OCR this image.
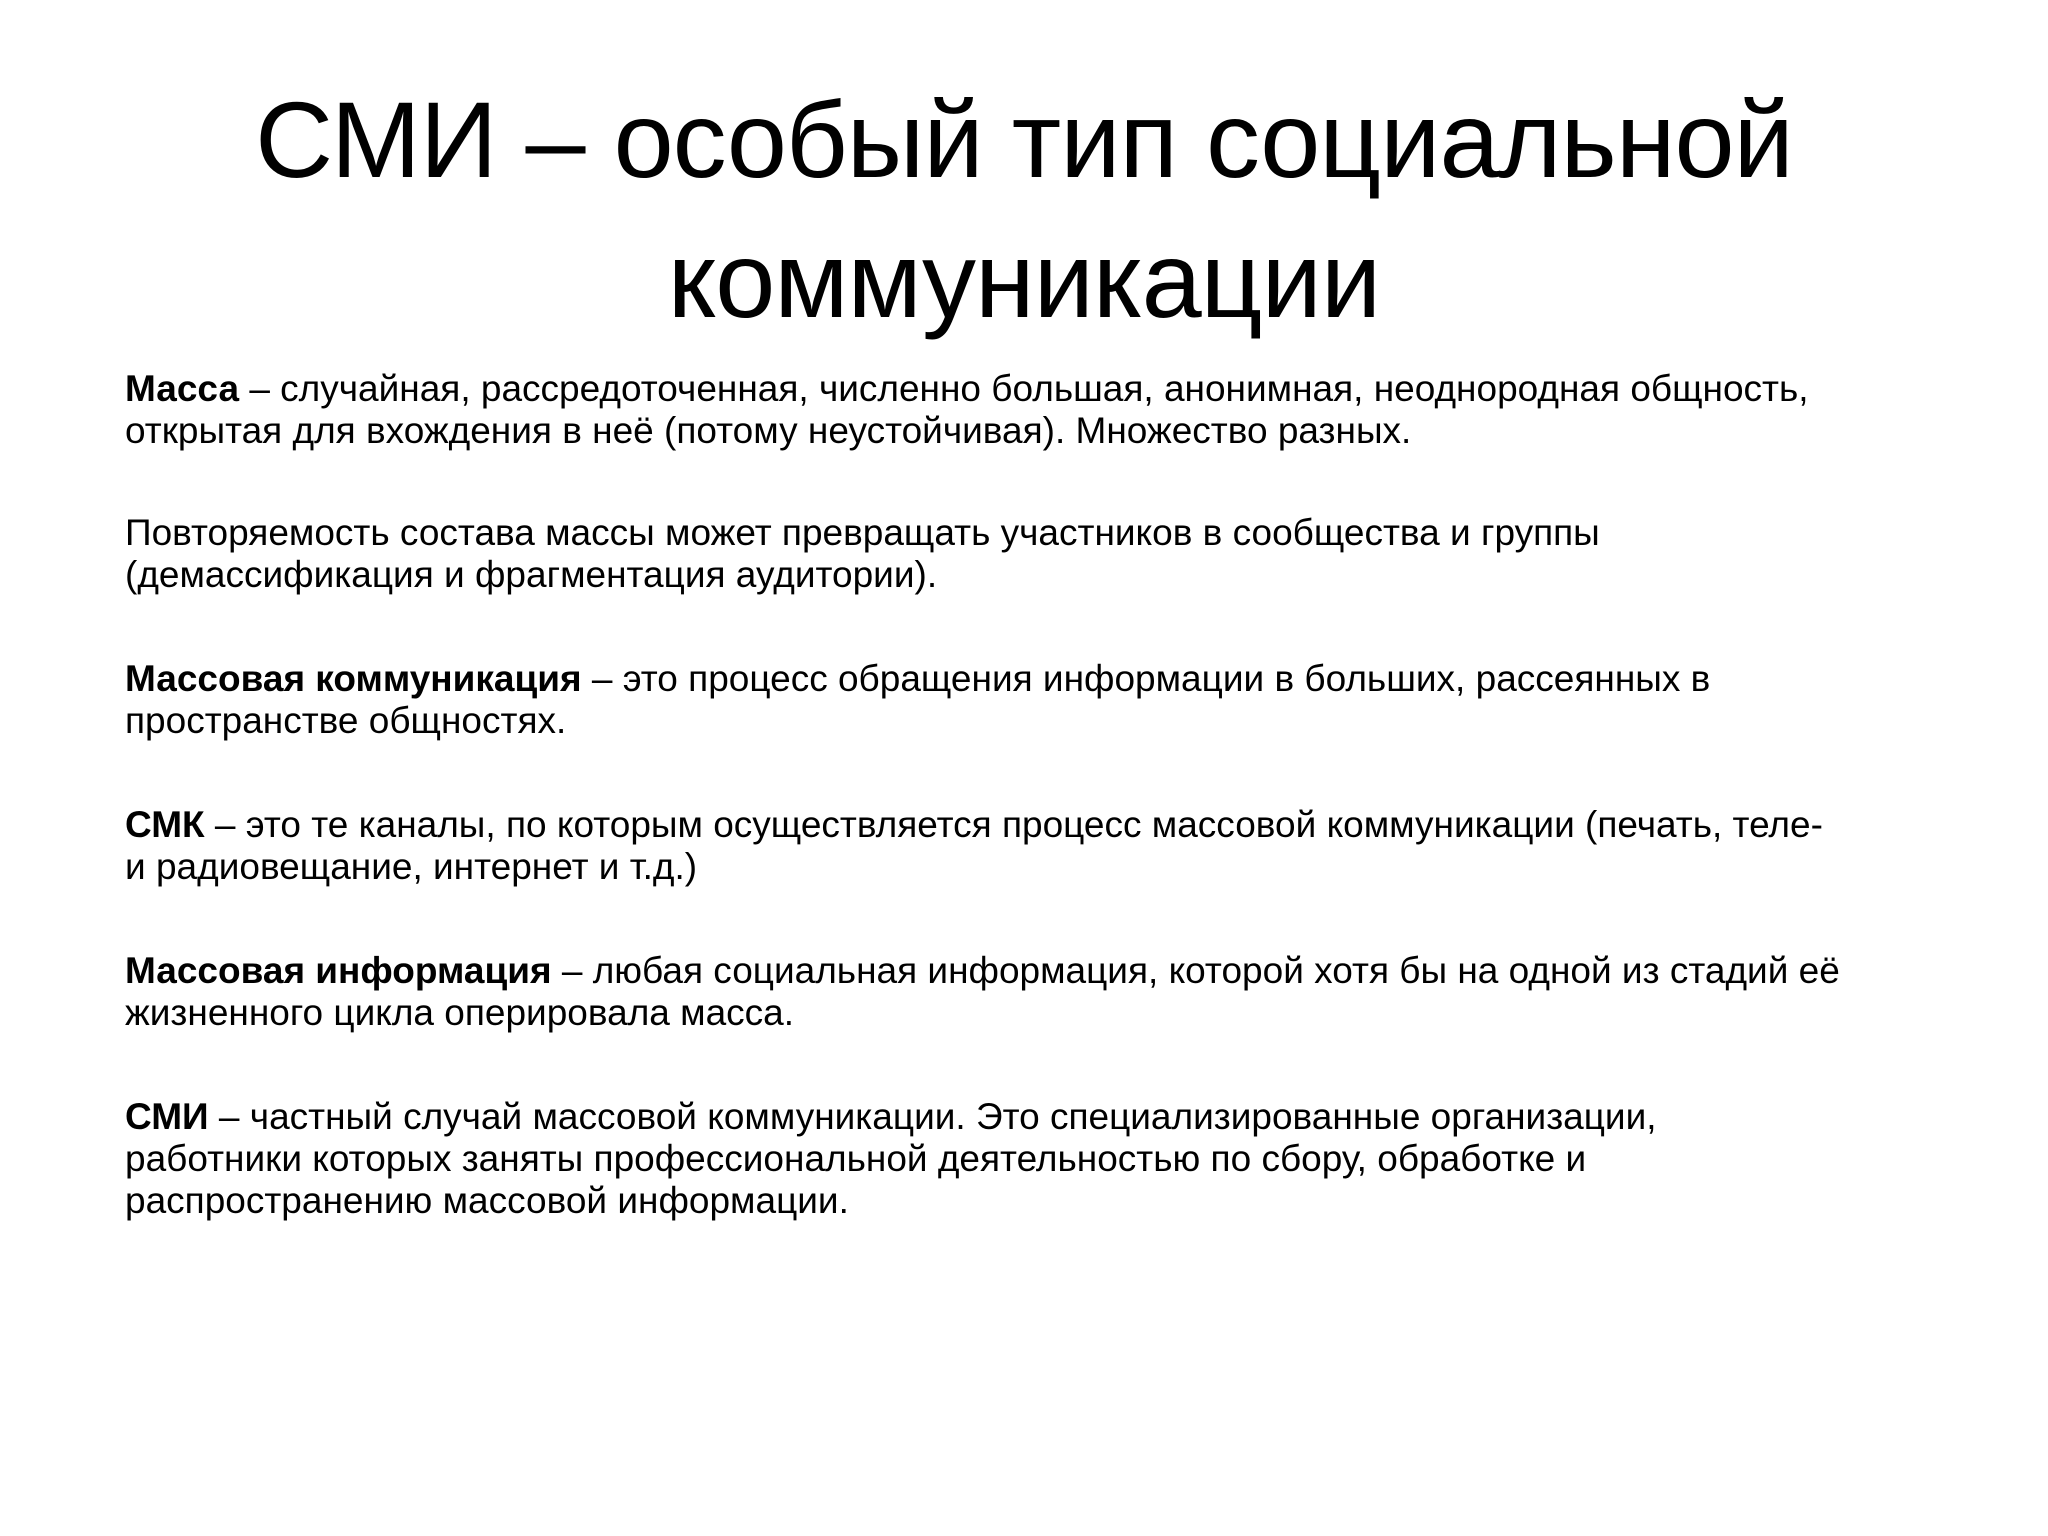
СМИ – особый тип социальной
коммуникации

Масса – случайная, рассредоточенная, численно большая, анонимная, неоднородная общность,
открытая для вхождения в неё (потому неустойчивая). Множество разных.

Повторяемость состава массы может превращать участников в сообщества и группы
(демассификация и фрагментация аудитории).

Массовая коммуникация – это процесс обращения информации в больших, рассеянных в
пространстве общностях.

СМК – это те каналы, по которым осуществляется процесс массовой коммуникации (печать, теле-
и радиовещание, интернет и т.д.)

Массовая информация – любая социальная информация, которой хотя бы на одной из стадий её
жизненного цикла оперировала масса.

СМИ – частный случай массовой коммуникации. Это специализированные организации,
работники которых заняты профессиональной деятельностью по сбору, обработке и
распространению массовой информации.
